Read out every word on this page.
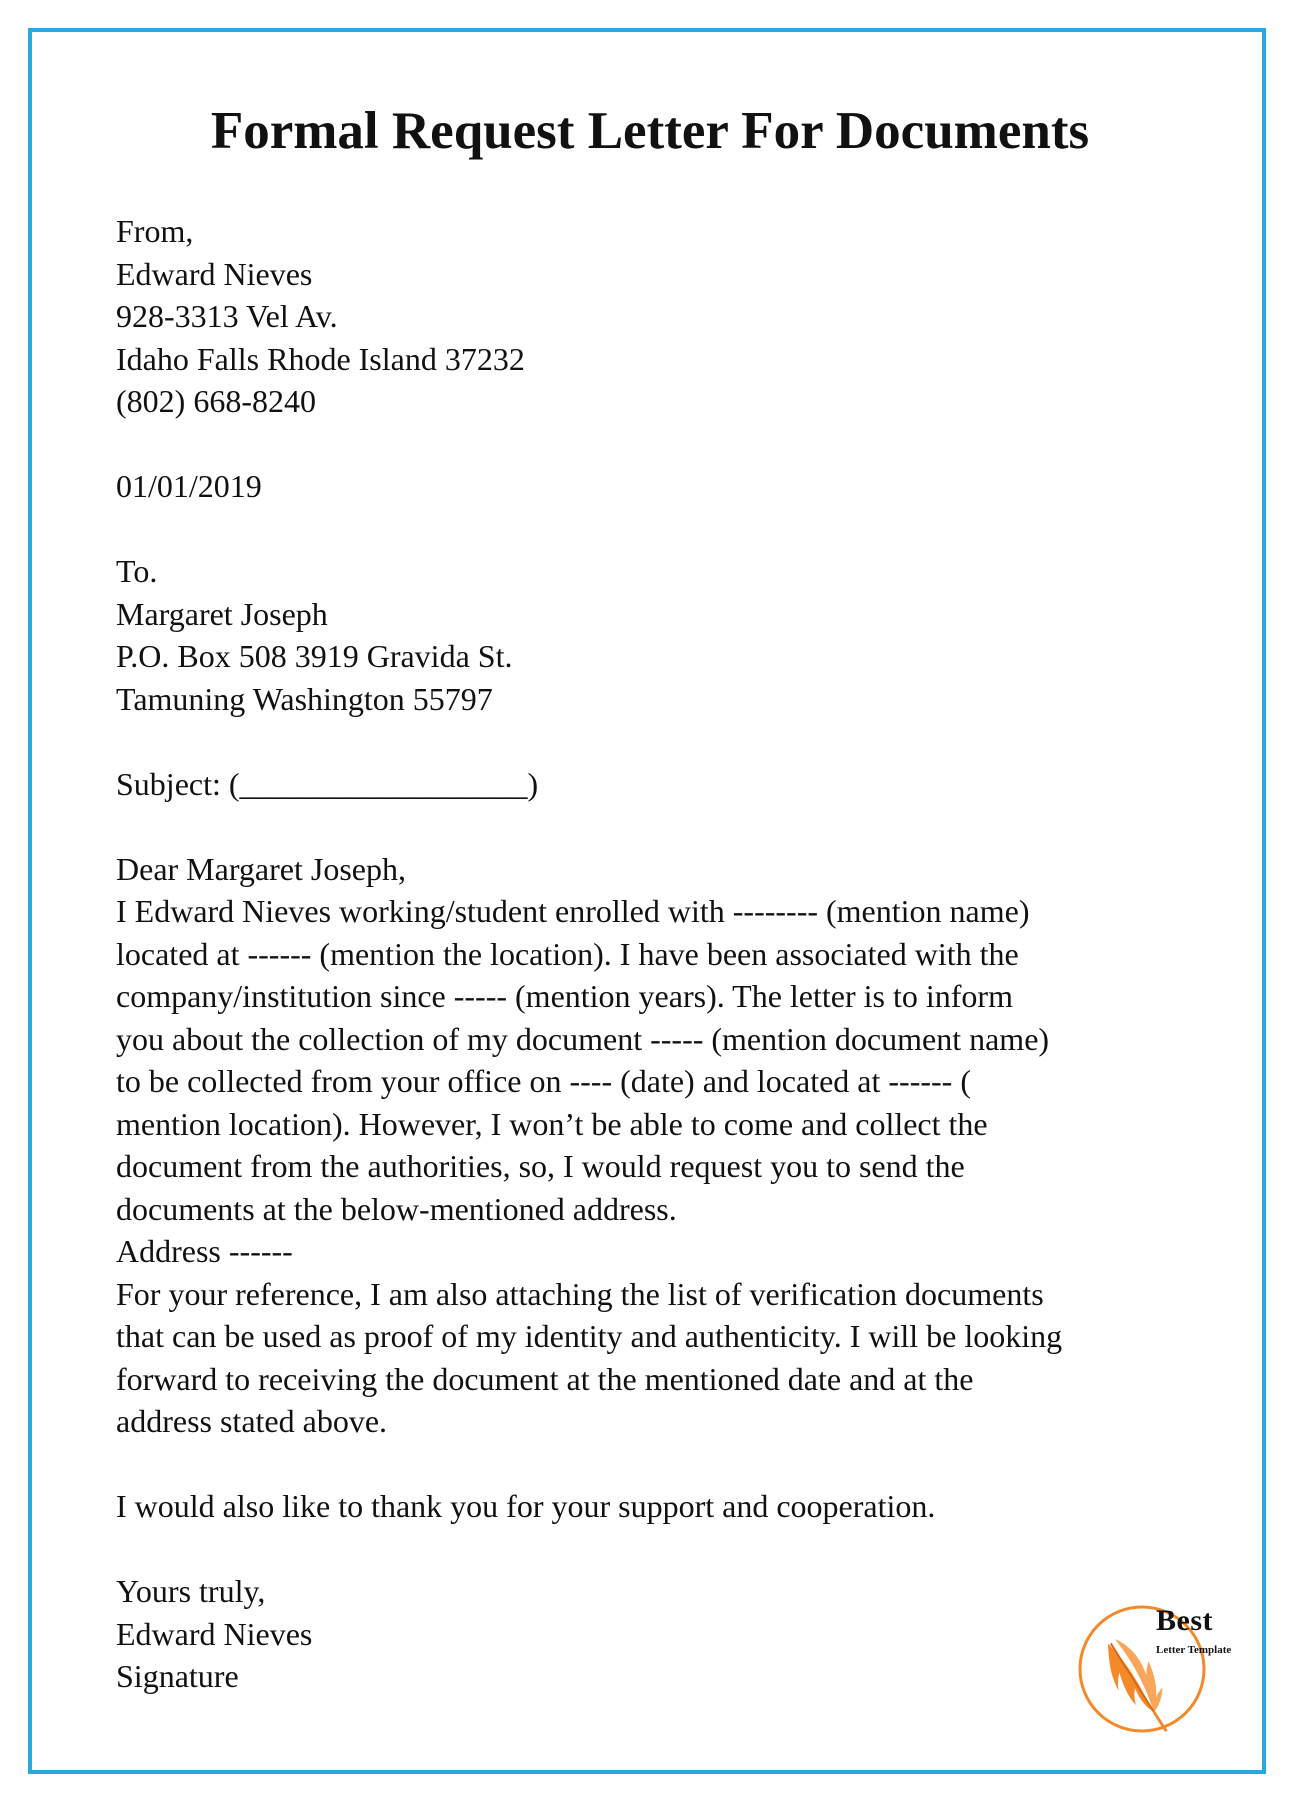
Formal Request Letter For Documents
From,
Edward Nieves
928-3313 Vel Av.
Idaho Falls Rhode Island 37232
(802) 668-8240
01/01/2019
To.
Margaret Joseph
P.O. Box 508 3919 Gravida St.
Tamuning Washington 55797
Subject: (__________________)
Dear Margaret Joseph,
I Edward Nieves working/student enrolled with -------- (mention name)
located at ------ (mention the location). I have been associated with the
company/institution since ----- (mention years). The letter is to inform
you about the collection of my document ----- (mention document name)
to be collected from your office on ---- (date) and located at ------ (
mention location). However, I won’t be able to come and collect the
document from the authorities, so, I would request you to send the
documents at the below-mentioned address.
Address ------
For your reference, I am also attaching the list of verification documents
that can be used as proof of my identity and authenticity. I will be looking
forward to receiving the document at the mentioned date and at the
address stated above.
I would also like to thank you for your support and cooperation.
Yours truly,
Edward Nieves
Signature
Best
Letter Template
